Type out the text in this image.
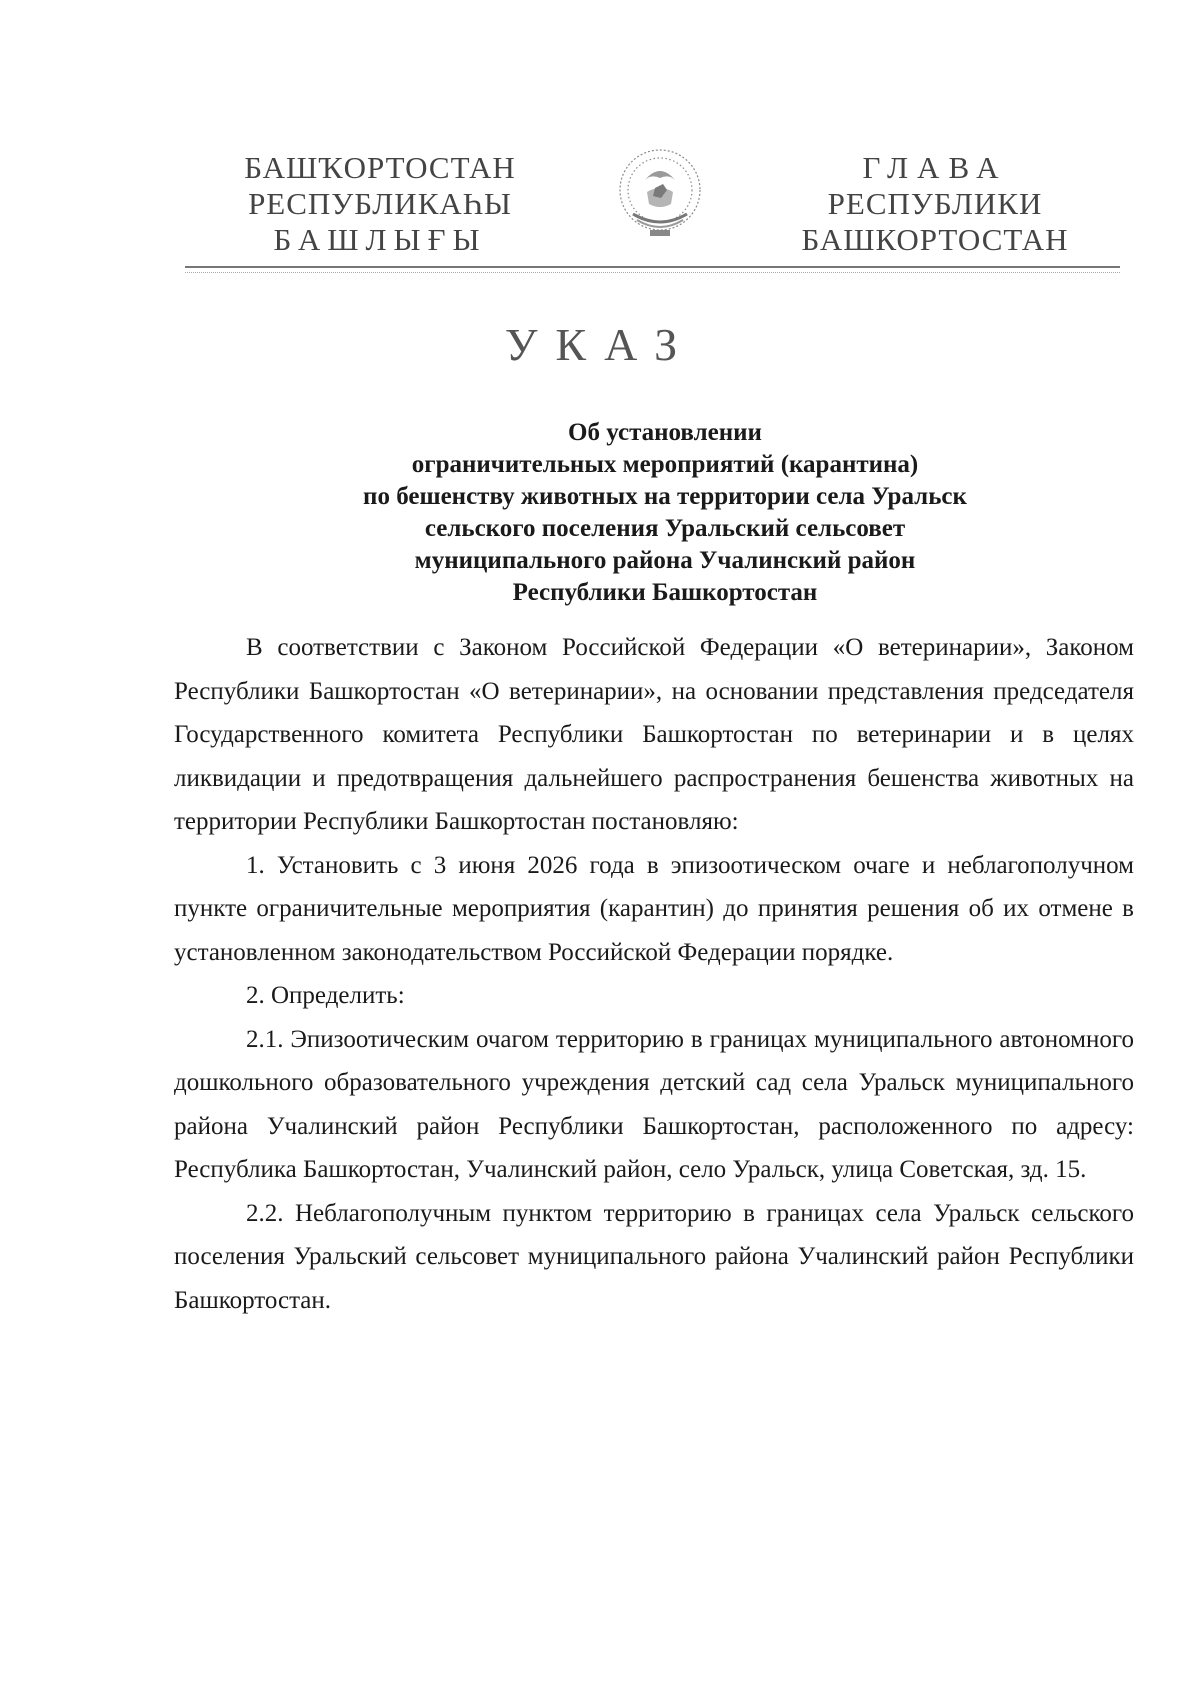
БАШҠОРТОСТАН
РЕСПУБЛИКАҺЫ
БАШЛЫҒЫ
ГЛАВА
РЕСПУБЛИКИ
БАШКОРТОСТАН
УКАЗ
Об установлении
ограничительных мероприятий (карантина)
по бешенству животных на территории села Уральск
сельского поселения Уральский сельсовет
муниципального района Учалинский район
Республики Башкортостан

В соответствии с Законом Российской Федерации «О ветеринарии», Законом Республики Башкортостан «О ветеринарии», на основании представления председателя Государственного комитета Республики Башкортостан по ветеринарии и в целях ликвидации и предотвращения дальнейшего распространения бешенства животных на территории Республики Башкортостан постановляю:

1. Установить с 3 июня 2026 года в эпизоотическом очаге и неблагополучном пункте ограничительные мероприятия (карантин) до принятия решения об их отмене в установленном законодательством Российской Федерации порядке.

2. Определить:

2.1. Эпизоотическим очагом территорию в границах муниципального автономного дошкольного образовательного учреждения детский сад села Уральск муниципального района Учалинский район Республики Башкортостан, расположенного по адресу: Республика Башкортостан, Учалинский район, село Уральск, улица Советская, зд. 15.

2.2. Неблагополучным пунктом территорию в границах села Уральск сельского поселения Уральский сельсовет муниципального района Учалинский район Республики Башкортостан.
